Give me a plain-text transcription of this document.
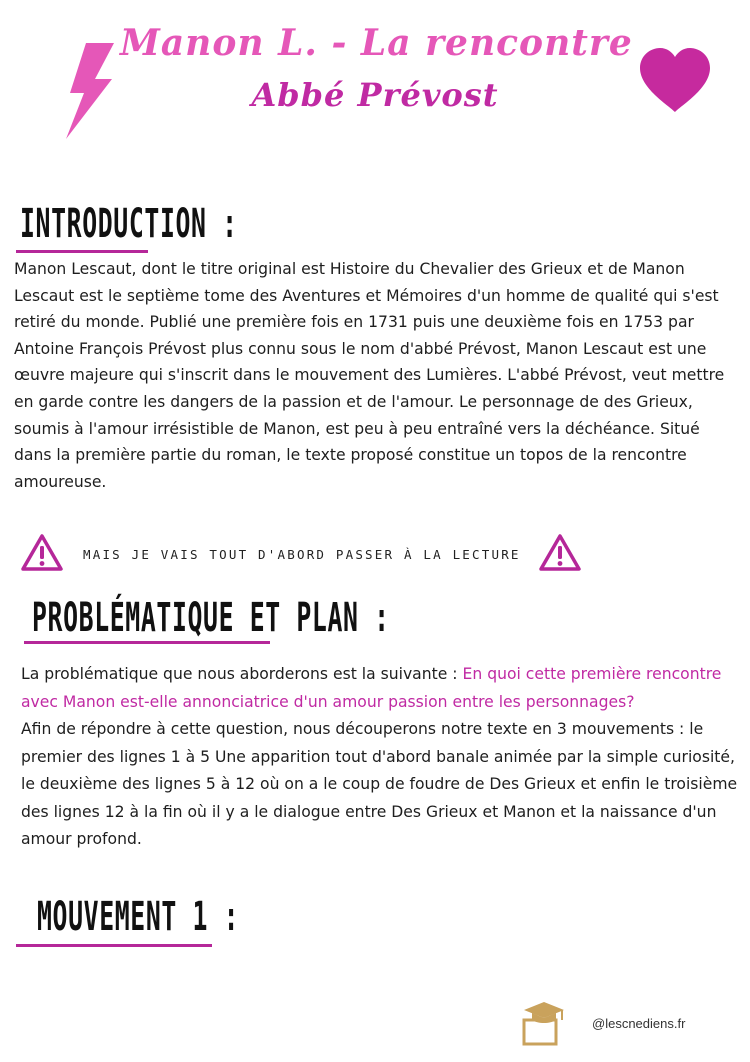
Manon L. - La rencontre
Abbé Prévost
INTRODUCTION :
Manon Lescaut, dont le titre original est Histoire du Chevalier des Grieux et de Manon Lescaut est le septième tome des Aventures et Mémoires d'un homme de qualité qui s'est retiré du monde. Publié une première fois en 1731 puis une deuxième fois en 1753 par Antoine François Prévost plus connu sous le nom d'abbé Prévost, Manon Lescaut est une œuvre majeure qui s'inscrit dans le mouvement des Lumières. L'abbé Prévost, veut mettre en garde contre les dangers de la passion et de l'amour. Le personnage de des Grieux, soumis à l'amour irrésistible de Manon, est peu à peu entraîné vers la déchéance. Situé dans la première partie du roman, le texte proposé constitue un topos de la rencontre amoureuse.
MAIS JE VAIS TOUT D'ABORD PASSER À LA LECTURE
PROBLÉMATIQUE ET PLAN :
La problématique que nous aborderons est la suivante : En quoi cette première rencontre avec Manon est-elle annonciatrice d'un amour passion entre les personnages?
Afin de répondre à cette question, nous découperons notre texte en 3 mouvements : le premier des lignes 1 à 5 Une apparition tout d'abord banale animée par la simple curiosité, le deuxième des lignes 5 à 12 où on a le coup de foudre de Des Grieux et enfin le troisième des lignes 12 à la fin où il y a le dialogue entre Des Grieux et Manon et la naissance d'un amour profond.
MOUVEMENT 1 :
@lescnediens.fr
